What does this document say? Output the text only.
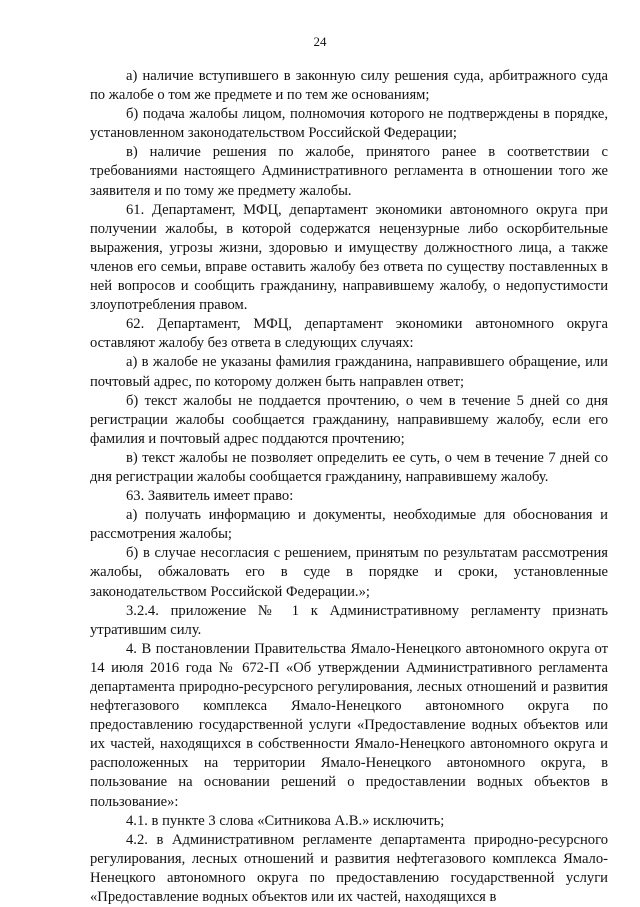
24

а) наличие вступившего в законную силу решения суда, арбитражного суда по жалобе о том же предмете и по тем же основаниям;

б) подача жалобы лицом, полномочия которого не подтверждены в порядке, установленном законодательством Российской Федерации;

в) наличие решения по жалобе, принятого ранее в соответствии с требованиями настоящего Административного регламента в отношении того же заявителя и по тому же предмету жалобы.

61. Департамент, МФЦ, департамент экономики автономного округа при получении жалобы, в которой содержатся нецензурные либо оскорбительные выражения, угрозы жизни, здоровью и имуществу должностного лица, а также членов его семьи, вправе оставить жалобу без ответа по существу поставленных в ней вопросов и сообщить гражданину, направившему жалобу, о недопустимости злоупотребления правом.

62. Департамент, МФЦ, департамент экономики автономного округа оставляют жалобу без ответа в следующих случаях:

а) в жалобе не указаны фамилия гражданина, направившего обращение, или почтовый адрес, по которому должен быть направлен ответ;

б) текст жалобы не поддается прочтению, о чем в течение 5 дней со дня регистрации жалобы сообщается гражданину, направившему жалобу, если его фамилия и почтовый адрес поддаются прочтению;

в) текст жалобы не позволяет определить ее суть, о чем в течение 7 дней со дня регистрации жалобы сообщается гражданину, направившему жалобу.

63. Заявитель имеет право:

а) получать информацию и документы, необходимые для обоснования и рассмотрения жалобы;

б) в случае несогласия с решением, принятым по результатам рассмотрения жалобы, обжаловать его в суде в порядке и сроки, установленные законодательством Российской Федерации.»;

3.2.4. приложение № 1 к Административному регламенту признать утратившим силу.

4. В постановлении Правительства Ямало-Ненецкого автономного округа от 14 июля 2016 года № 672-П «Об утверждении Административного регламента департамента природно-ресурсного регулирования, лесных отношений и развития нефтегазового комплекса Ямало-Ненецкого автономного округа по предоставлению государственной услуги «Предоставление водных объектов или их частей, находящихся в собственности Ямало-Ненецкого автономного округа и расположенных на территории Ямало-Ненецкого автономного округа, в пользование на основании решений о предоставлении водных объектов в пользование»:

4.1. в пункте 3 слова «Ситникова А.В.» исключить;

4.2. в Административном регламенте департамента природно-ресурсного регулирования, лесных отношений и развития нефтегазового комплекса Ямало-Ненецкого автономного округа по предоставлению государственной услуги «Предоставление водных объектов или их частей, находящихся в
